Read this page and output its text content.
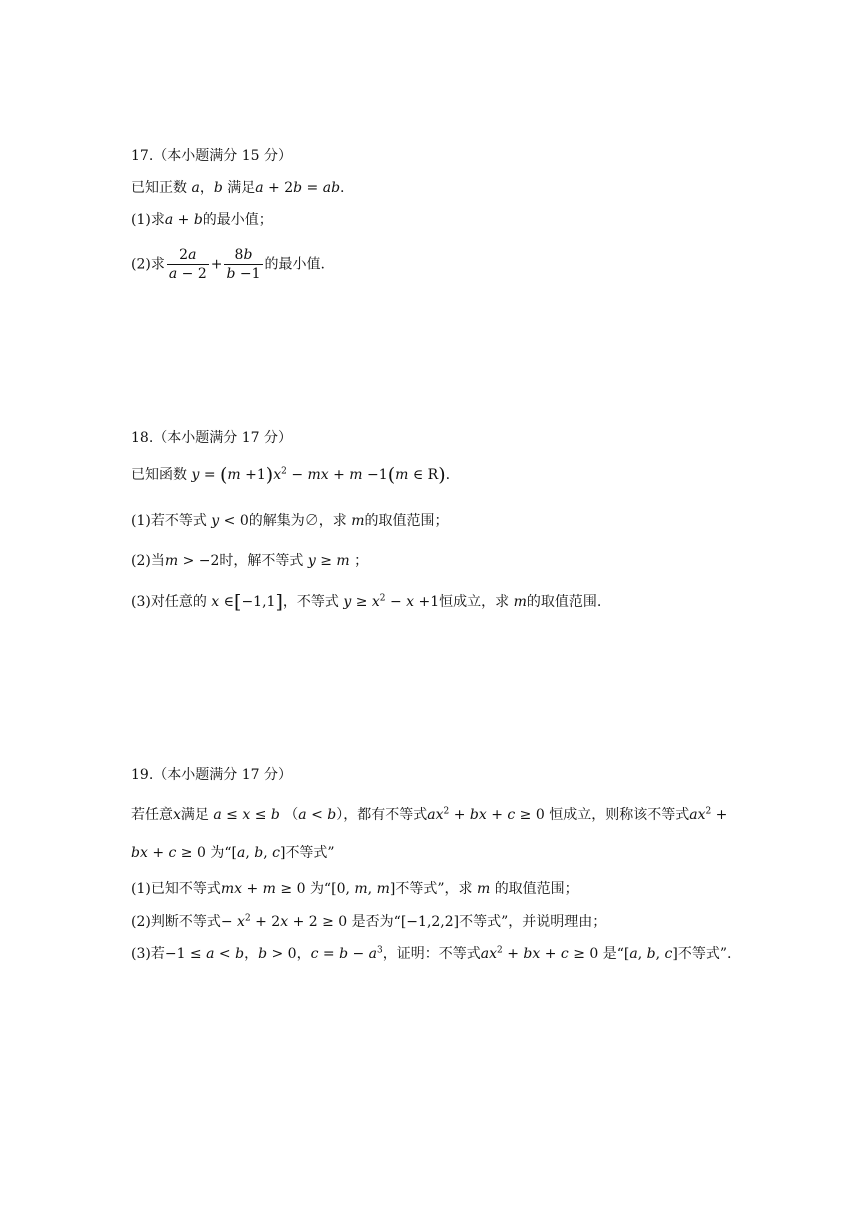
17.（本小题满分 15 分）
已知正数 a，b 满足a + 2b = ab.
(1)求a + b的最小值；
(2)求 $\frac{2a}{a - 2} + \frac{8b}{b -1}$ 的最小值.
18.（本小题满分 17 分）
已知函数 $y = (m +1)x^2$ − mx + m −1(m ∈ R).
(1)若不等式 y < 0的解集为∅，求 m的取值范围；
(2)当m > −2时，解不等式 y ≥ m ；
(3)对任意的 x ∈[−1,1]，不等式 $y \ge x^2 - x +1$恒成立，求 m的取值范围.
19.（本小题满分 17 分）
若任意x满足 a ≤ x ≤ b （a < b），都有不等式$ax^2$ + bx + c ≥ 0 恒成立，则称该不等式$ax^2$ +
bx + c ≥ 0 为“[a, b, c]不等式”
(1)已知不等式mx + m ≥ 0 为“[0, m, m]不等式”，求 m 的取值范围；
(2)判断不等式− $x^2 + 2x + 2 \ge 0$ 是否为“[−1,2,2]不等式”，并说明理由；
(3)若−1 ≤ a < b，b > 0，$c = b - a^3$，证明：不等式$ax^2$ + bx + c ≥ 0 是“[a, b, c]不等式”.
